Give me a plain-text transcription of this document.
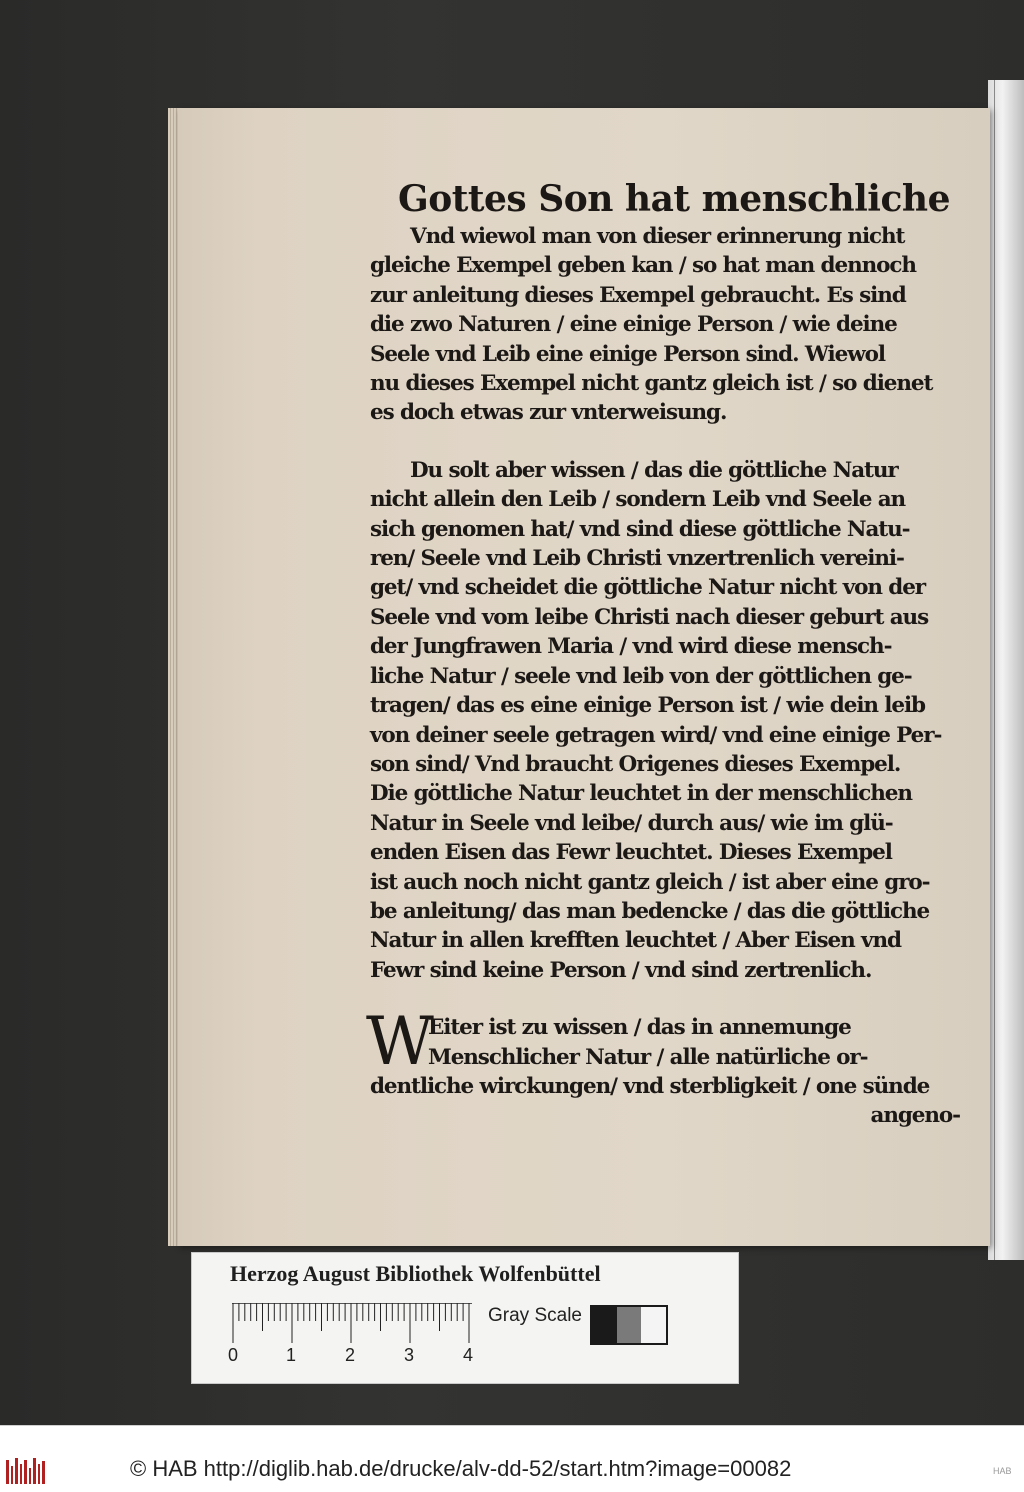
Gottes Son hat menschliche
Vnd wiewol man von dieser erinnerung nicht
gleiche Exempel geben kan / so hat man dennoch
zur anleitung dieses Exempel gebraucht. Es sind
die zwo Naturen / eine einige Person / wie deine
Seele vnd Leib eine einige Person sind. Wiewol
nu dieses Exempel nicht gantz gleich ist / so dienet
es doch etwas zur vnterweisung.
Du solt aber wissen / das die göttliche Natur
nicht allein den Leib / sondern Leib vnd Seele an
sich genomen hat/ vnd sind diese göttliche Natu-
ren/ Seele vnd Leib Christi vnzertrenlich vereini-
get/ vnd scheidet die göttliche Natur nicht von der
Seele vnd vom leibe Christi nach dieser geburt aus
der Jungfrawen Maria / vnd wird diese mensch-
liche Natur / seele vnd leib von der göttlichen ge-
tragen/ das es eine einige Person ist / wie dein leib
von deiner seele getragen wird/ vnd eine einige Per-
son sind/ Vnd braucht Origenes dieses Exempel.
Die göttliche Natur leuchtet in der menschlichen
Natur in Seele vnd leibe/ durch aus/ wie im glü-
enden Eisen das Fewr leuchtet. Dieses Exempel
ist auch noch nicht gantz gleich / ist aber eine gro-
be anleitung/ das man bedencke / das die göttliche
Natur in allen krefften leuchtet / Aber Eisen vnd
Fewr sind keine Person / vnd sind zertrenlich.
W
Eiter ist zu wissen / das in annemunge
Menschlicher Natur / alle natürliche or-
dentliche wirckungen/ vnd sterbligkeit / one sünde
angeno-
Herzog August Bibliothek Wolfenbüttel
0	1	2	3	4
Gray Scale
© HAB http://diglib.hab.de/drucke/alv-dd-52/start.htm?image=00082	HAB
